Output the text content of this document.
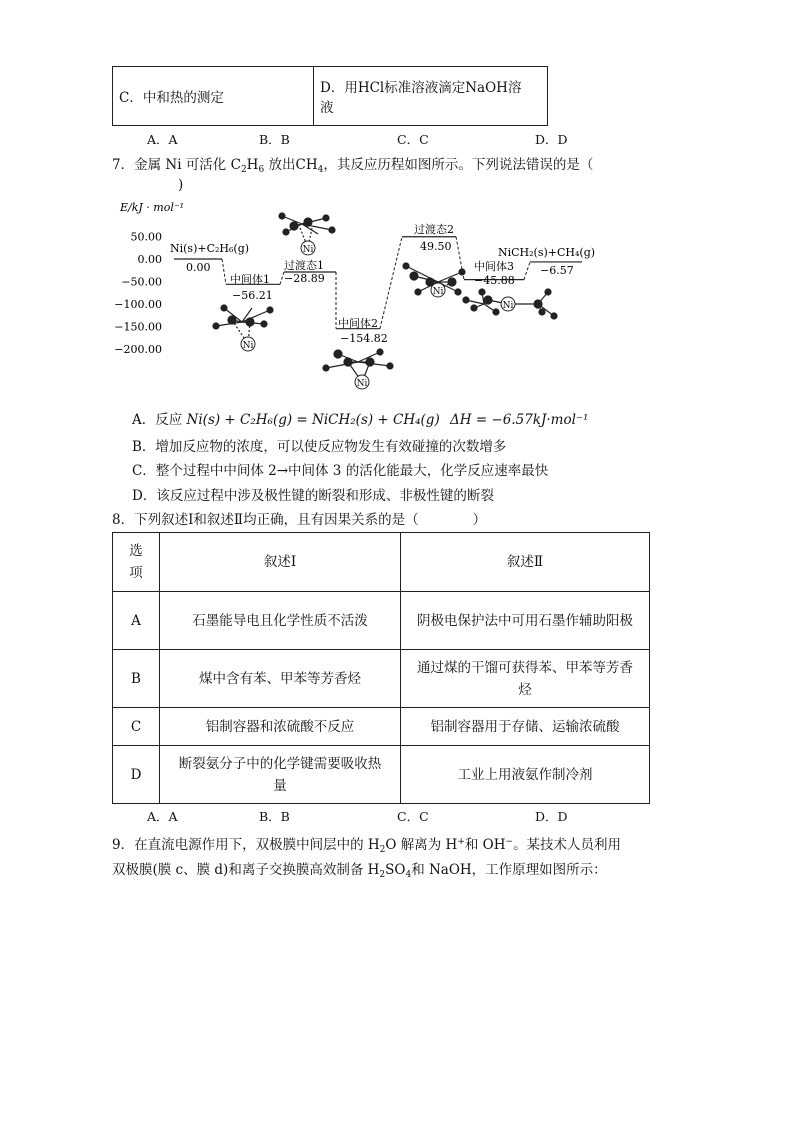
C．中和热的测定	
D．用HCl标准溶液滴定NaOH溶
液
A．A	B．B	C．C	D．D
7．金属 Ni 可活化 $C_2H_6$ 放出$CH_4$，其反应历程如图所示。下列说法错误的是（
)
E/kJ · mol⁻¹
50.00
0.00
−50.00
−100.00
−150.00
−200.00
Ni(s)+C₂H₆(g)
0.00
中间体1
−56.21
过渡态1
−28.89
中间体2
−154.82
过渡态2
49.50
中间体3
−45.88
NiCH₂(s)+CH₄(g)
−6.57
Ni
Ni
Ni
Ni
Ni
A．反应 Ni(s) + C₂H₆(g) = NiCH₂(s) + CH₄(g) ΔH = −6.57kJ·mol⁻¹
B．增加反应物的浓度，可以使反应物发生有效碰撞的次数增多
C．整个过程中中间体 2→中间体 3 的活化能最大，化学反应速率最快
D．该反应过程中涉及极性键的断裂和形成、非极性键的断裂
8．下列叙述Ⅰ和叙述Ⅱ均正确，且有因果关系的是（　　　　）
选项	叙述Ⅰ	叙述Ⅱ
A	石墨能导电且化学性质不活泼	阴极电保护法中可用石墨作辅助阳极

B	煤中含有苯、甲苯等芳香烃	通过煤的干馏可获得苯、甲苯等芳香烃

C	铝制容器和浓硫酸不反应	铝制容器用于存储、运输浓硫酸
D	断裂氨分子中的化学键需要吸收热量	工业上用液氨作制冷剂
A．A	B．B	C．C	D．D
9．在直流电源作用下，双极膜中间层中的 $H_2O$ 解离为 H+和 OH−。某技术人员利用
双极膜(膜 c、膜 d)和离子交换膜高效制备 $H_2SO_4$和 NaOH，工作原理如图所示：
